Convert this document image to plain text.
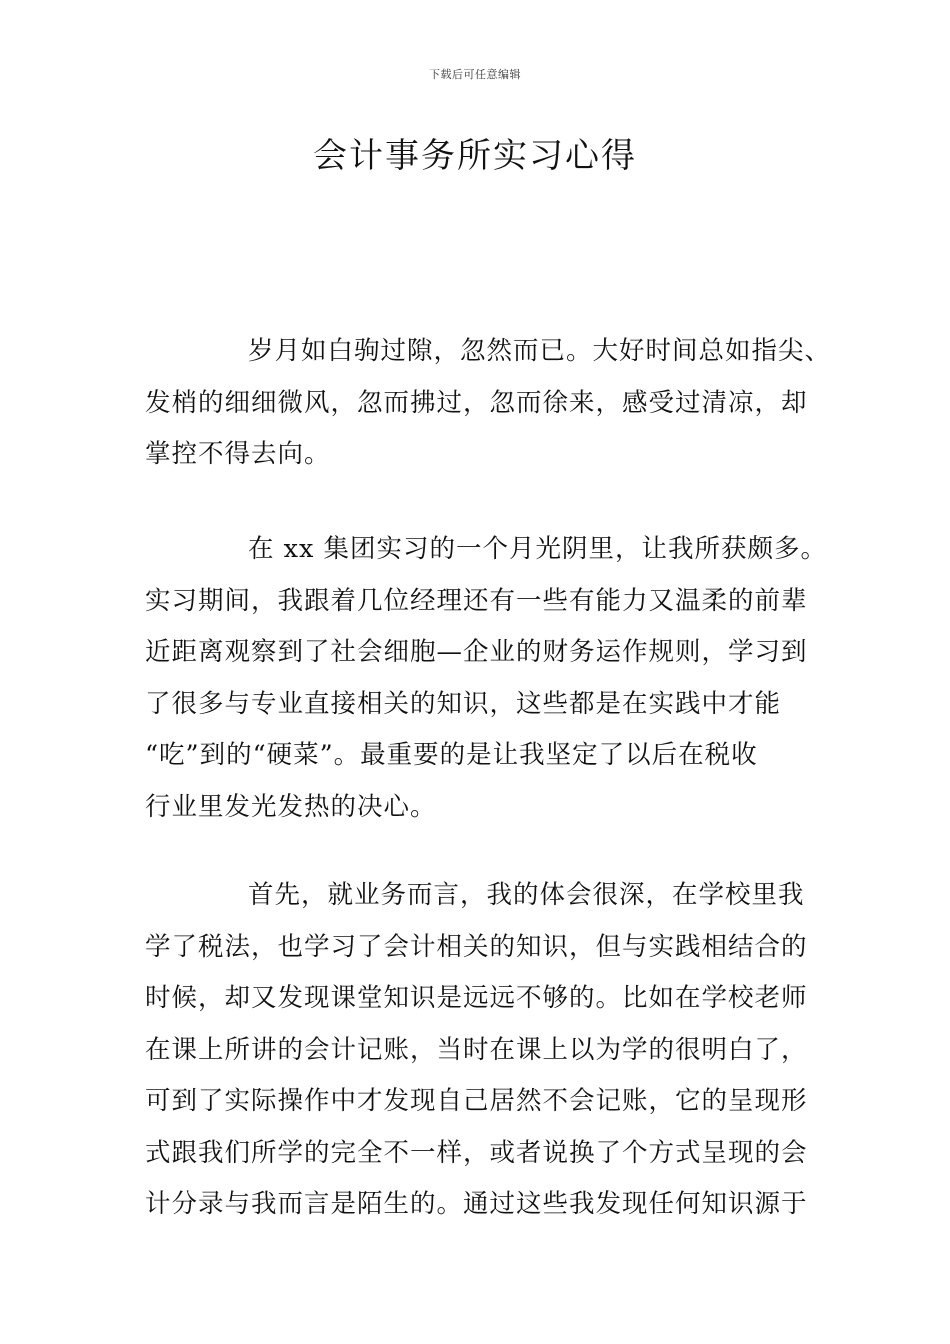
下载后可任意编辑
会计事务所实习心得
岁月如白驹过隙，忽然而已。大好时间总如指尖、
发梢的细细微风，忽而拂过，忽而徐来，感受过清凉，却
掌控不得去向。
在 xx 集团实习的一个月光阴里，让我所获颇多。
实习期间，我跟着几位经理还有一些有能力又温柔的前辈
近距离观察到了社会细胞—企业的财务运作规则，学习到
了很多与专业直接相关的知识，这些都是在实践中才能
“吃”到的“硬菜”。最重要的是让我坚定了以后在税收
行业里发光发热的决心。
首先，就业务而言，我的体会很深，在学校里我
学了税法，也学习了会计相关的知识，但与实践相结合的
时候，却又发现课堂知识是远远不够的。比如在学校老师
在课上所讲的会计记账，当时在课上以为学的很明白了，
可到了实际操作中才发现自己居然不会记账，它的呈现形
式跟我们所学的完全不一样，或者说换了个方式呈现的会
计分录与我而言是陌生的。通过这些我发现任何知识源于
